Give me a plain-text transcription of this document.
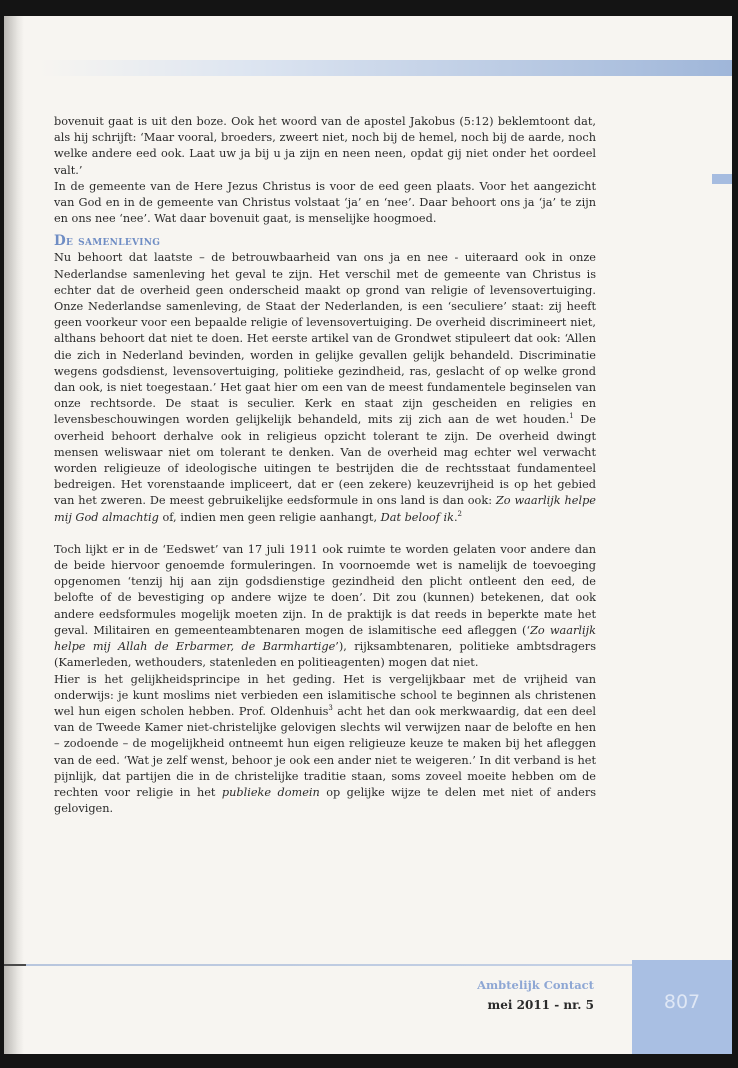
bovenuit gaat is uit den boze. Ook het woord van de apostel Jakobus (5:12) beklemtoont dat, als hij schrijft: ‘Maar vooral, broeders, zweert niet, noch bij de hemel, noch bij de aarde, noch welke andere eed ook. Laat uw ja bij u ja zijn en neen neen, opdat gij niet onder het oordeel valt.’

In de gemeente van de Here Jezus Christus is voor de eed geen plaats. Voor het aangezicht van God en in de gemeente van Christus volstaat ‘ja’ en ‘nee’. Daar behoort ons ja ‘ja’ te zijn en ons nee ‘nee’. Wat daar bovenuit gaat, is menselijke hoogmoed.

De samenleving

Nu behoort dat laatste – de betrouwbaarheid van ons ja en nee - uiteraard ook in onze Nederlandse samenleving het geval te zijn. Het verschil met de gemeente van Christus is echter dat de overheid geen onderscheid maakt op grond van religie of levensovertuiging. Onze Nederlandse samenleving, de Staat der Nederlanden, is een ‘seculiere’ staat: zij heeft geen voorkeur voor een bepaalde religie of levensovertuiging. De overheid discrimineert niet, althans behoort dat niet te doen. Het eerste artikel van de Grondwet stipuleert dat ook: ‘Allen die zich in Nederland bevinden, worden in gelijke gevallen gelijk behandeld. Discriminatie wegens godsdienst, levensovertuiging, politieke gezindheid, ras, geslacht of op welke grond dan ook, is niet toegestaan.’ Het gaat hier om een van de meest fundamentele beginselen van onze rechtsorde. De staat is seculier. Kerk en staat zijn gescheiden en religies en levensbeschouwingen worden gelijkelijk behandeld, mits zij zich aan de wet houden.$^1$ De overheid behoort derhalve ook in religieus opzicht tolerant te zijn. De overheid dwingt mensen weliswaar niet om tolerant te denken. Van de overheid mag echter wel verwacht worden religieuze of ideologische uitingen te bestrijden die de rechtsstaat fundamenteel bedreigen. Het vorenstaande impliceert, dat er (een zekere) keuzevrijheid is op het gebied van het zweren. De meest gebruikelijke eedsformule in ons land is dan ook: Zo waarlijk helpe mij God almachtig of, indien men geen religie aanhangt, Dat beloof ik.$^2$

Toch lijkt er in de ‘Eedswet’ van 17 juli 1911 ook ruimte te worden gelaten voor andere dan de beide hiervoor genoemde formuleringen. In voornoemde wet is namelijk de toevoeging opgenomen ‘tenzij hij aan zijn godsdienstige gezindheid den plicht ontleent den eed, de belofte of de bevestiging op andere wijze te doen’. Dit zou (kunnen) betekenen, dat ook andere eedsformules mogelijk moeten zijn. In de praktijk is dat reeds in beperkte mate het geval. Militairen en gemeenteambtenaren mogen de islamitische eed afleggen (‘Zo waarlijk helpe mij Allah de Erbarmer, de Barmhartige’), rijksambtenaren, politieke ambtsdragers (Kamerleden, wethouders, statenleden en politieagenten) mogen dat niet.

Hier is het gelijkheidsprincipe in het geding. Het is vergelijkbaar met de vrijheid van onderwijs: je kunt moslims niet verbieden een islamitische school te beginnen als christenen wel hun eigen scholen hebben. Prof. Oldenhuis$^3$ acht het dan ook merkwaardig, dat een deel van de Tweede Kamer niet-christelijke gelovigen slechts wil verwijzen naar de belofte en hen – zodoende – de mogelijkheid ontneemt hun eigen religieuze keuze te maken bij het afleggen van de eed. ‘Wat je zelf wenst, behoor je ook een ander niet te weigeren.’ In dit verband is het pijnlijk, dat partijen die in de christelijke traditie staan, soms zoveel moeite hebben om de rechten voor religie in het publieke domein op gelijke wijze te delen met niet of anders gelovigen.

Ambtelijk Contact
mei 2011 - nr. 5	807
